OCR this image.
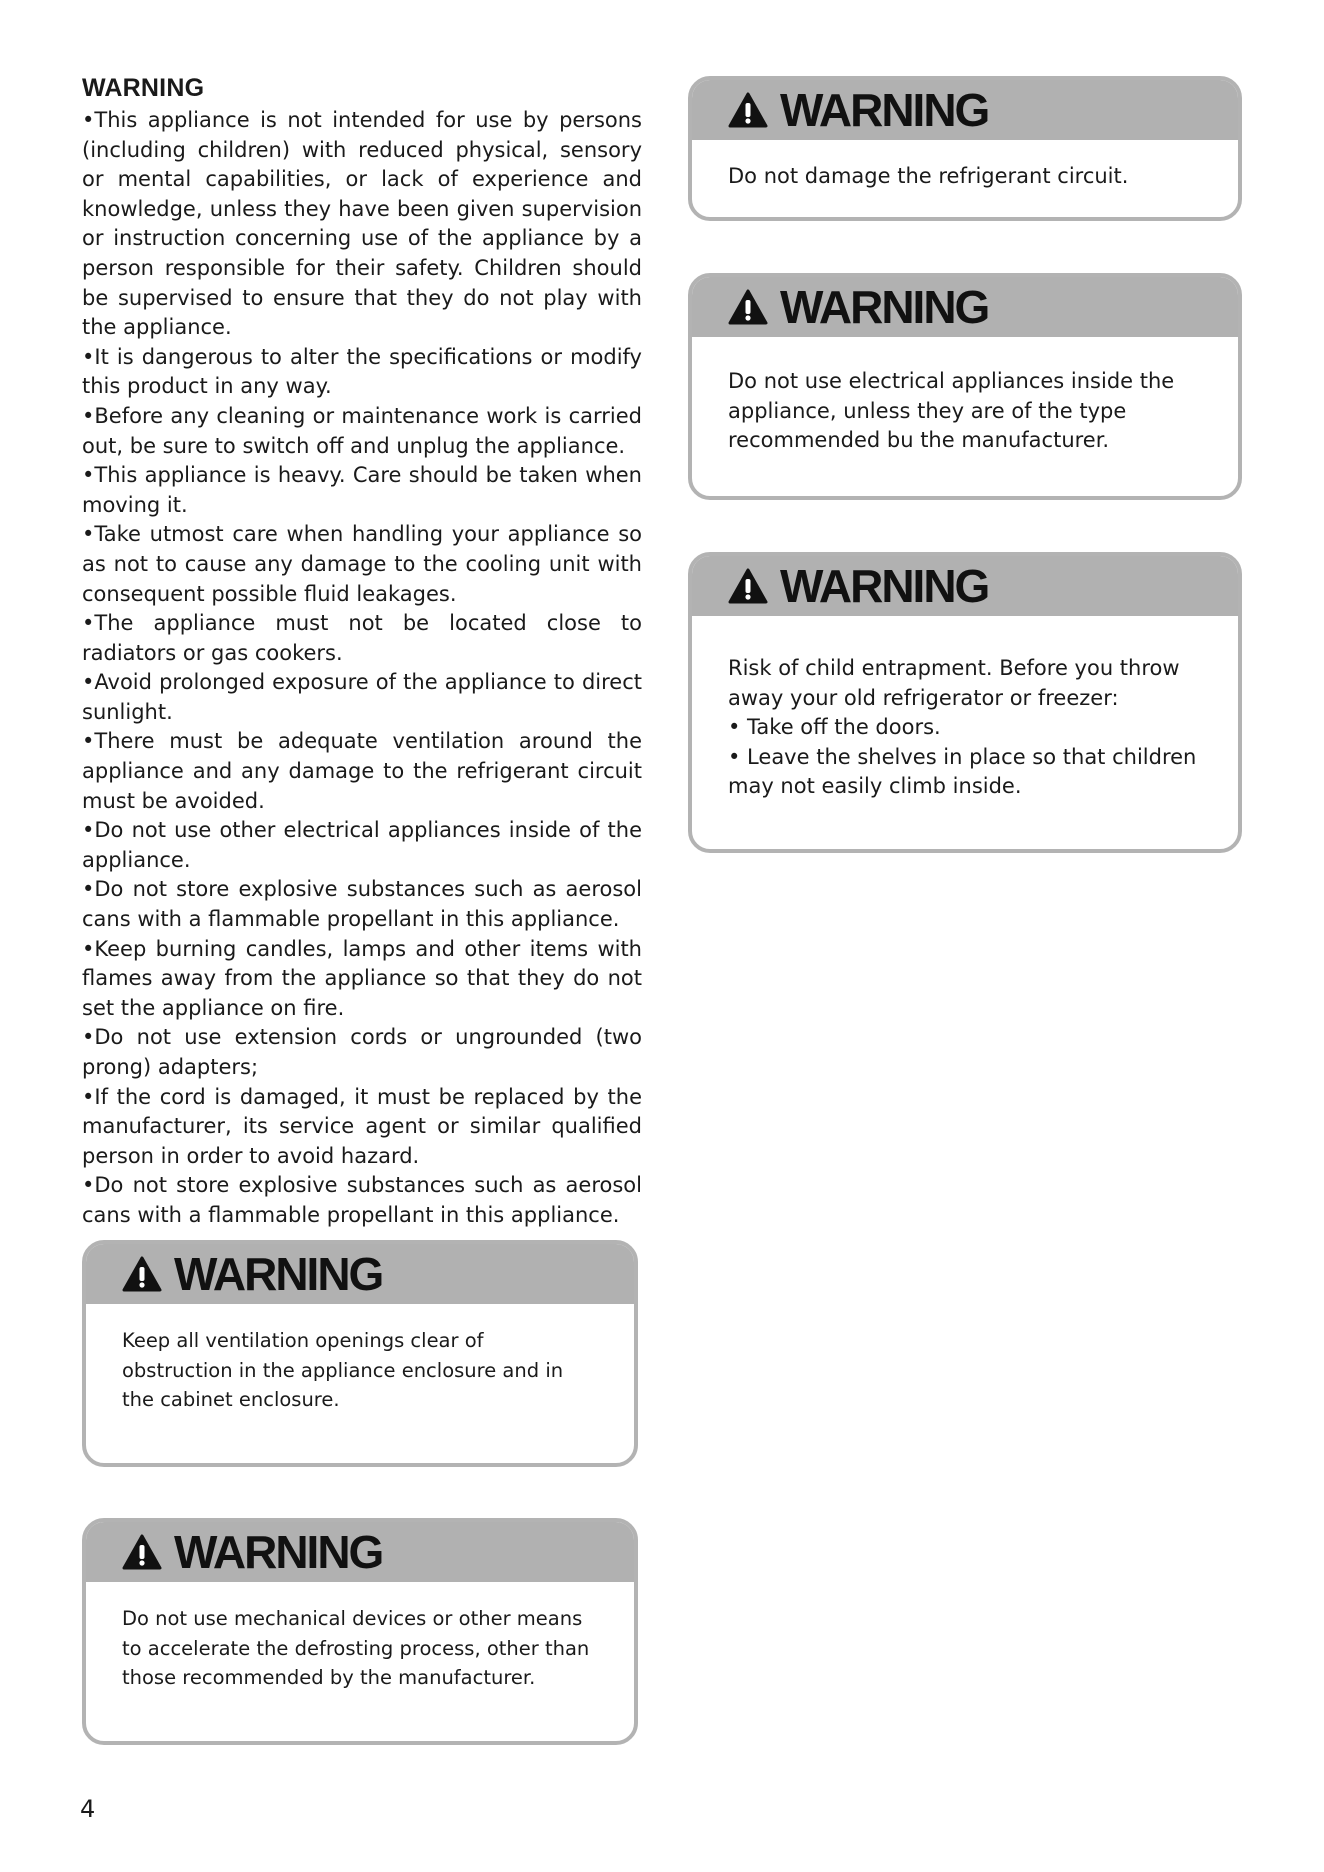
WARNING
• This appliance is not intended for use by persons (including children) with reduced physical, sensory or mental capabilities, or lack of experience and knowledge, unless they have been given supervision or instruction concerning use of the appliance by a person responsible for their safety. Children should be supervised to ensure that they do not play with the appliance.
• It is dangerous to alter the specifications or modify this product in any way.
• Before any cleaning or maintenance work is carried out, be sure to switch off and unplug the appliance.
• This appliance is heavy. Care should be taken when moving it.
• Take utmost care when handling your appliance so as not to cause any damage to the cooling unit with consequent possible fluid leakages.
• The appliance must not be located close to radiators or gas cookers.
• Avoid prolonged exposure of the appliance to direct sunlight.
• There must be adequate ventilation around the appliance and any damage to the refrigerant circuit must be avoided.
• Do not use other electrical appliances inside of the appliance.
• Do not store explosive substances such as aerosol cans with a flammable propellant in this appliance.
• Keep burning candles, lamps and other items with flames away from the appliance so that they do not set the appliance on fire.
• Do not use extension cords or ungrounded (two prong) adapters;
• If the cord is damaged, it must be replaced by the manufacturer, its service agent or similar qualified person in order to avoid hazard.
• Do not store explosive substances such as aerosol cans with a flammable propellant in this appliance.
WARNING

Keep all ventilation openings clear of obstruction in the appliance enclosure and in the cabinet enclosure.

WARNING

Do not use mechanical devices or other means to accelerate the defrosting process, other than those recommended by the manufacturer.

WARNING

Do not damage the refrigerant circuit.

WARNING

Do not use electrical appliances inside the appliance, unless they are of the type recommended bu the manufacturer.

WARNING

Risk of child entrapment. Before you throw away your old refrigerator or freezer:

• Take off the doors.

• Leave the shelves in place so that children may not easily climb inside.

4
